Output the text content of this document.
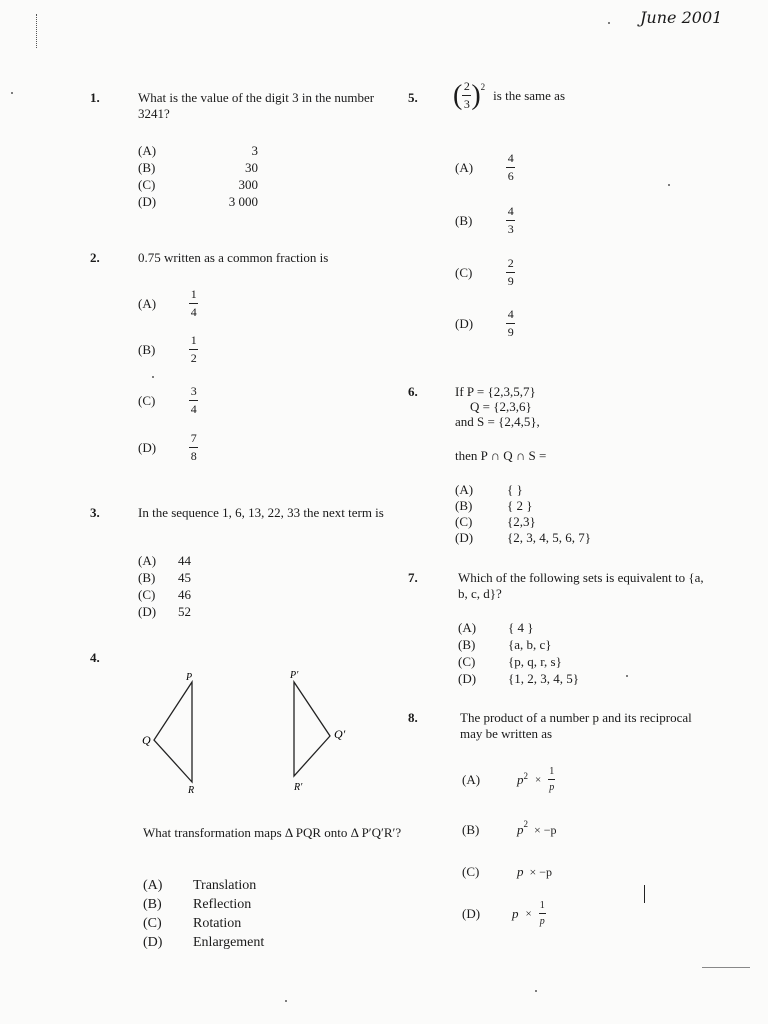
June 2001
1.	What is the value of the digit 3 in the number 3241?
(A)	3
(B)	30
(C)	300
(D)	3 000
2.	0.75 written as a common fraction is
(A)	$\frac{1}{4}$
(B)	$\frac{1}{2}$
(C)	$\frac{3}{4}$
(D)	$\frac{7}{8}$
3.	In the sequence 1, 6, 13, 22, 33 the next term is
(A) 44
(B) 45
(C) 46
(D) 52
4.
P
Q
R
P′
Q′
R′
What transformation maps Δ PQR onto Δ P′Q′R′?
(A) Translation
(B) Reflection
(C) Rotation
(D) Enlargement
5. ( $\frac{2}{3}$ ) 2
is the same as
(A)	$\frac{4}{6}$
(B)	$\frac{4}{3}$
(C)	$\frac{2}{9}$
(D)	$\frac{4}{9}$
6.	If P = {2,3,5,7}
Q = {2,3,6}
and S = {2,4,5},
then P ∩ Q ∩ S =
(A)	{ }
(B)	{ 2 }
(C)	{2,3}
(D)	{2, 3, 4, 5, 6, 7}
7.	Which of the following sets is equivalent to {a, b, c, d}?
(A) { 4 }
(B)	{a, b, c}
(C)	{p, q, r, s}
(D) {1, 2, 3, 4, 5}
8.	The product of a number p and its reciprocal may be written as
(A)	p $2 \times \frac{1}{p}$
(B)	p 2 × −p
(C)	p × −p
(D)	$p \times \frac{1}{p}$
